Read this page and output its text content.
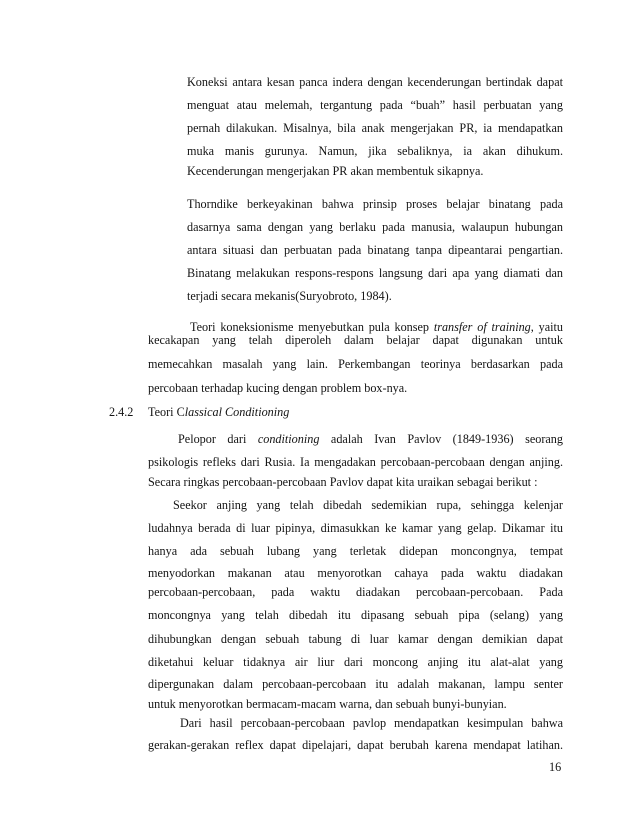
Koneksi antara kesan panca indera dengan kecenderungan bertindak dapat
menguat atau melemah, tergantung pada “buah” hasil perbuatan yang
pernah dilakukan. Misalnya, bila anak mengerjakan PR, ia mendapatkan
muka manis gurunya. Namun, jika sebaliknya, ia akan dihukum.
Kecenderungan mengerjakan PR akan membentuk sikapnya.
Thorndike berkeyakinan bahwa prinsip proses belajar binatang pada
dasarnya sama dengan yang berlaku pada manusia, walaupun hubungan
antara situasi dan perbuatan pada binatang tanpa dipeantarai pengartian.
Binatang melakukan respons-respons langsung dari apa yang diamati dan
terjadi secara mekanis(Suryobroto, 1984).
Teori koneksionisme menyebutkan pula konsep transfer of training, yaitu
kecakapan yang telah diperoleh dalam belajar dapat digunakan untuk
memecahkan masalah yang lain. Perkembangan teorinya berdasarkan pada
percobaan terhadap kucing dengan problem box-nya.
2.4.2 Teori Classical Conditioning
Pelopor dari conditioning adalah Ivan Pavlov (1849-1936) seorang
psikologis refleks dari Rusia. Ia mengadakan percobaan-percobaan dengan anjing.
Secara ringkas percobaan-percobaan Pavlov dapat kita uraikan sebagai berikut :
Seekor anjing yang telah dibedah sedemikian rupa, sehingga kelenjar
ludahnya berada di luar pipinya, dimasukkan ke kamar yang gelap. Dikamar itu
hanya ada sebuah lubang yang terletak didepan moncongnya, tempat
menyodorkan makanan atau menyorotkan cahaya pada waktu diadakan
percobaan-percobaan, pada waktu diadakan percobaan-percobaan. Pada
moncongnya yang telah dibedah itu dipasang sebuah pipa (selang) yang
dihubungkan dengan sebuah tabung di luar kamar dengan demikian dapat
diketahui keluar tidaknya air liur dari moncong anjing itu alat-alat yang
dipergunakan dalam percobaan-percobaan itu adalah makanan, lampu senter
untuk menyorotkan bermacam-macam warna, dan sebuah bunyi-bunyian.
Dari hasil percobaan-percobaan pavlop mendapatkan kesimpulan bahwa
gerakan-gerakan reflex dapat dipelajari, dapat berubah karena mendapat latihan.
16
